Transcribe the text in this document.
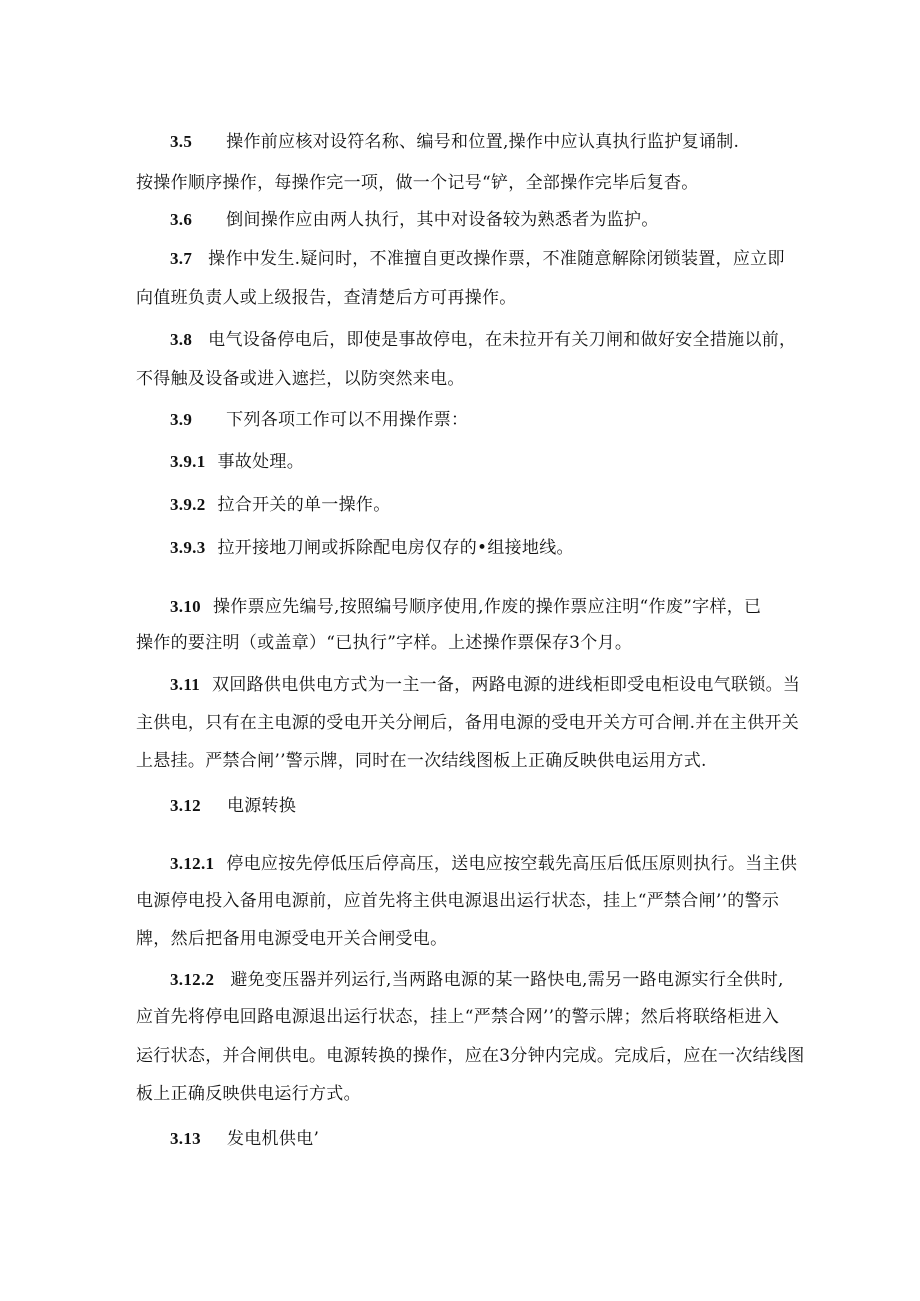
3.5 操作前应核对设符名称、编号和位置,操作中应认真执行监护复诵制.
按操作顺序操作，每操作完一项，做一个记号“铲，全部操作完毕后复杳。
3.6 倒间操作应由两人执行，其中对设备较为熟悉者为监护。
3.7 操作中发生.疑问时，不准擅自更改操作票，不准随意解除闭锁装置，应立即
向值班负责人或上级报告，查清楚后方可再操作。
3.8 电气设备停电后，即使是事故停电，在未拉开有关刀闸和做好安全措施以前，
不得触及设备或进入遮拦，以防突然来电。
3.9 下列各项工作可以不用操作票：
3.9.1 事故处理。
3.9.2 拉合开关的单一操作。
3.9.3 拉开接地刀闸或拆除配电房仅存的•组接地线。
3.10 操作票应先编号,按照编号顺序使用,作废的操作票应注明“作废”字样，已
操作的要注明（或盖章）“已执行”字样。上述操作票保存3个月。
3.11 双回路供电供电方式为一主一备，两路电源的进线柜即受电柜设电气联锁。当
主供电，只有在主电源的受电开关分闸后，备用电源的受电开关方可合闸.并在主供开关
上悬挂。严禁合闸’’警示牌，同时在一次结线图板上正确反映供电运用方式.
3.12 电源转换
3.12.1 停电应按先停低压后停高压，送电应按空载先高压后低压原则执行。当主供
电源停电投入备用电源前，应首先将主供电源退出运行状态，挂上“严禁合闸’’的警示
牌，然后把备用电源受电开关合闸受电。
3.12.2 避免变压器并列运行,当两路电源的某一路快电,需另一路电源实行全供时,
应首先将停电回路电源退出运行状态，挂上“严禁合网’’的警示牌；然后将联络柜进入
运行状态，并合闸供电。电源转换的操作，应在3分钟内完成。完成后，应在一次结线图
板上正确反映供电运行方式。
3.13 发电机供电’
